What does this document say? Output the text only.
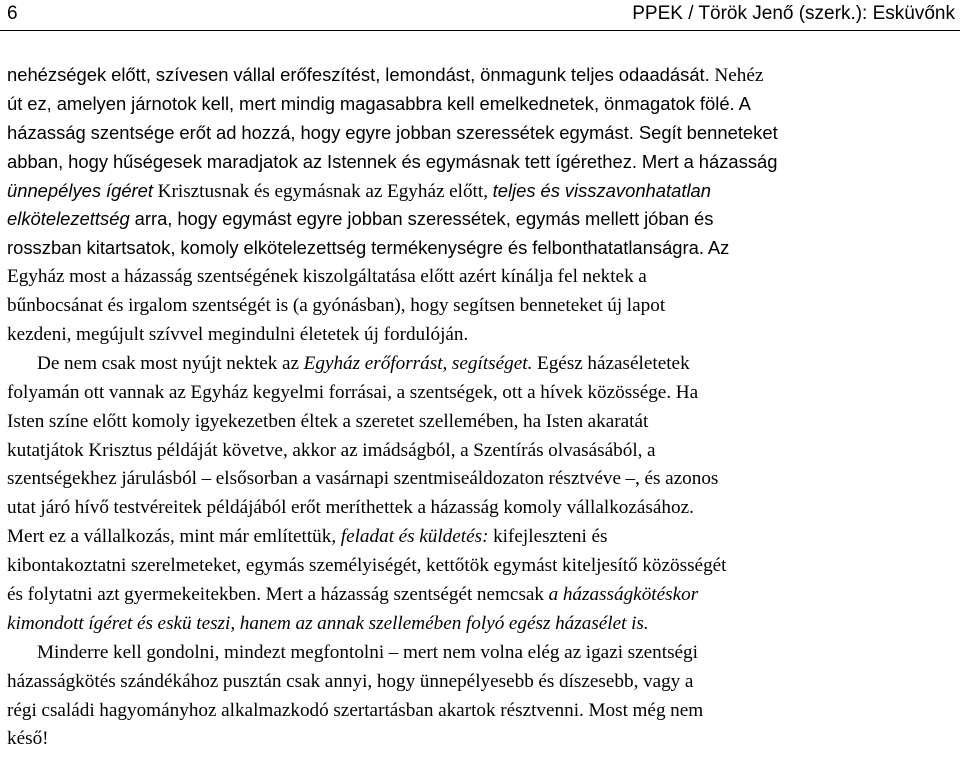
6	PPEK / Török Jenő (szerk.): Esküvőnk
nehézségek előtt, szívesen vállal erőfeszítést, lemondást, önmagunk teljes odaadását. Nehéz
út ez, amelyen járnotok kell, mert mindig magasabbra kell emelkednetek, önmagatok fölé. A
házasság szentsége erőt ad hozzá, hogy egyre jobban szeressétek egymást. Segít benneteket
abban, hogy hűségesek maradjatok az Istennek és egymásnak tett ígérethez. Mert a házasság
ünnepélyes ígéret Krisztusnak és egymásnak az Egyház előtt, teljes és visszavonhatatlan
elkötelezettség arra, hogy egymást egyre jobban szeressétek, egymás mellett jóban és
rosszban kitartsatok, komoly elkötelezettség termékenységre és felbonthatatlanságra. Az
Egyház most a házasság szentségének kiszolgáltatása előtt azért kínálja fel nektek a
bűnbocsánat és irgalom szentségét is (a gyónásban), hogy segítsen benneteket új lapot
kezdeni, megújult szívvel megindulni életetek új fordulóján.
De nem csak most nyújt nektek az Egyház erőforrást, segítséget. Egész házaséletetek
folyamán ott vannak az Egyház kegyelmi forrásai, a szentségek, ott a hívek közössége. Ha
Isten színe előtt komoly igyekezetben éltek a szeretet szellemében, ha Isten akaratát
kutatjátok Krisztus példáját követve, akkor az imádságból, a Szentírás olvasásából, a
szentségekhez járulásból – elsősorban a vasárnapi szentmiseáldozaton résztvéve –, és azonos
utat járó hívő testvéreitek példájából erőt meríthettek a házasság komoly vállalkozásához.
Mert ez a vállalkozás, mint már említettük, feladat és küldetés: kifejleszteni és
kibontakoztatni szerelmeteket, egymás személyiségét, kettőtök egymást kiteljesítő közösségét
és folytatni azt gyermekeitekben. Mert a házasság szentségét nemcsak a házasságkötéskor
kimondott ígéret és eskü teszi, hanem az annak szellemében folyó egész házasélet is.
Minderre kell gondolni, mindezt megfontolni – mert nem volna elég az igazi szentségi
házasságkötés szándékához pusztán csak annyi, hogy ünnepélyesebb és díszesebb, vagy a
régi családi hagyományhoz alkalmazkodó szertartásban akartok résztvenni. Most még nem
késő!
